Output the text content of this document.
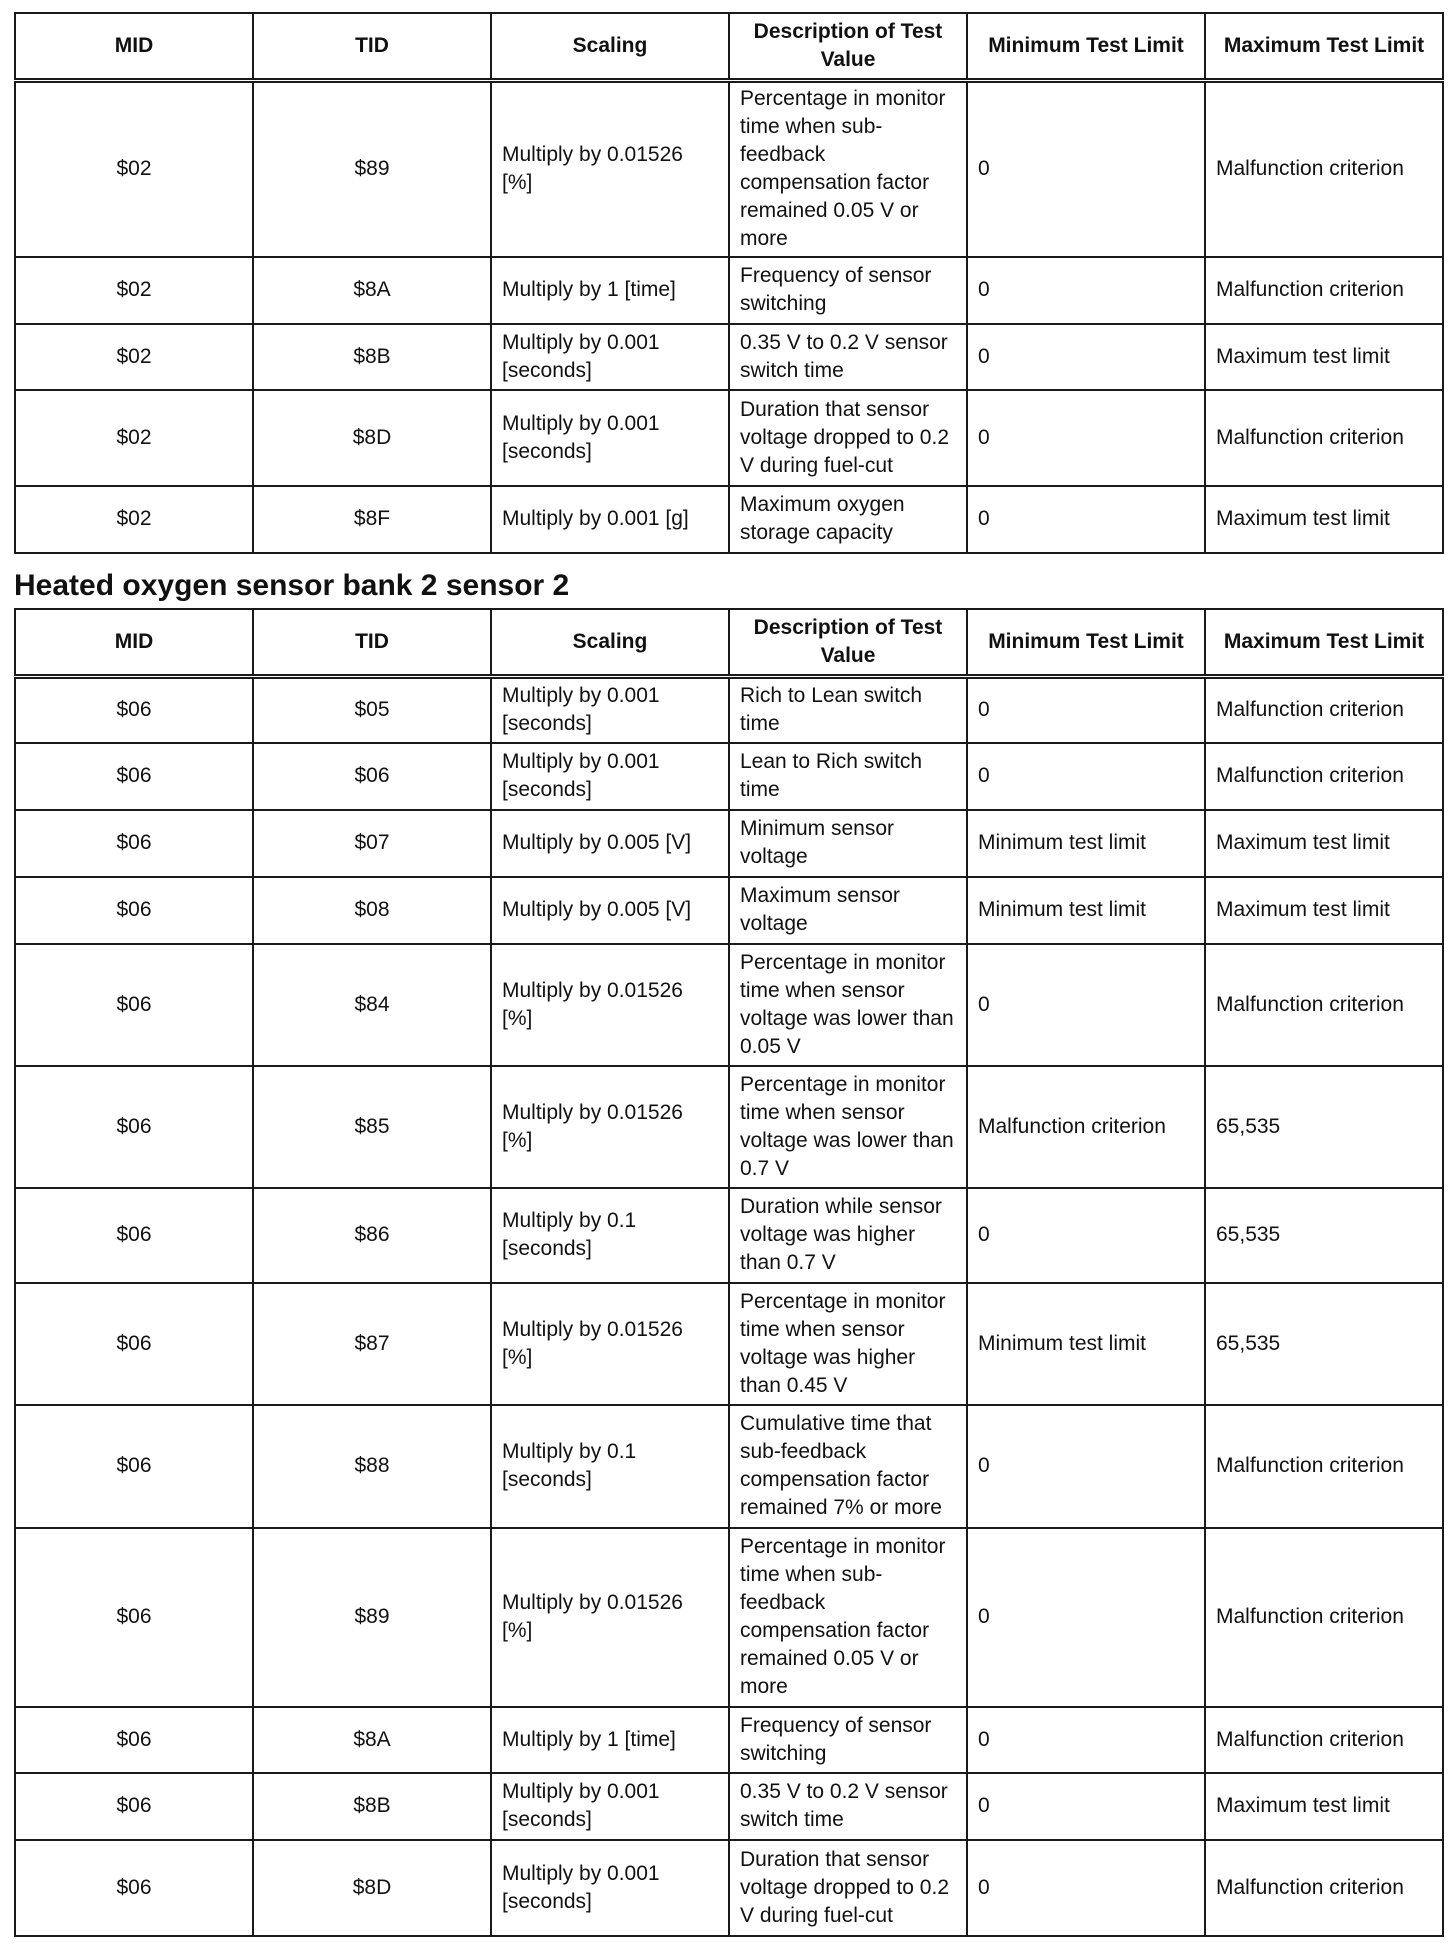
MID	TID	Scaling	Description of Test Value	Minimum Test Limit	Maximum Test Limit
$02	$89	Multiply by 0.01526 [%]	Percentage in monitor time when sub-feedback compensation factor remained 0.05 V or more	0	Malfunction criterion
$02	$8A	Multiply by 1 [time]	Frequency of sensor switching	0	Malfunction criterion
$02	$8B	Multiply by 0.001 [seconds]	0.35 V to 0.2 V sensor switch time	0	Maximum test limit
$02	$8D	Multiply by 0.001 [seconds]	Duration that sensor voltage dropped to 0.2 V during fuel-cut	0	Malfunction criterion
$02	$8F	Multiply by 0.001 [g]	Maximum oxygen storage capacity	0	Maximum test limit
Heated oxygen sensor bank 2 sensor 2
MID	TID	Scaling	Description of Test Value	Minimum Test Limit	Maximum Test Limit
$06	$05	Multiply by 0.001 [seconds]	Rich to Lean switch time	0	Malfunction criterion
$06	$06	Multiply by 0.001 [seconds]	Lean to Rich switch time	0	Malfunction criterion
$06	$07	Multiply by 0.005 [V]	Minimum sensor voltage	Minimum test limit	Maximum test limit
$06	$08	Multiply by 0.005 [V]	Maximum sensor voltage	Minimum test limit	Maximum test limit
$06	$84	Multiply by 0.01526 [%]	Percentage in monitor time when sensor voltage was lower than 0.05 V	0	Malfunction criterion
$06	$85	Multiply by 0.01526 [%]	Percentage in monitor time when sensor voltage was lower than 0.7 V	Malfunction criterion	65,535
$06	$86	Multiply by 0.1 [seconds]	Duration while sensor voltage was higher than 0.7 V	0	65,535
$06	$87	Multiply by 0.01526 [%]	Percentage in monitor time when sensor voltage was higher than 0.45 V	Minimum test limit	65,535
$06	$88	Multiply by 0.1 [seconds]	Cumulative time that sub-feedback compensation factor remained 7% or more	0	Malfunction criterion
$06	$89	Multiply by 0.01526 [%]	Percentage in monitor time when sub-feedback compensation factor remained 0.05 V or more	0	Malfunction criterion
$06	$8A	Multiply by 1 [time]	Frequency of sensor switching	0	Malfunction criterion
$06	$8B	Multiply by 0.001 [seconds]	0.35 V to 0.2 V sensor switch time	0	Maximum test limit
$06	$8D	Multiply by 0.001 [seconds]	Duration that sensor voltage dropped to 0.2 V during fuel-cut	0	Malfunction criterion
